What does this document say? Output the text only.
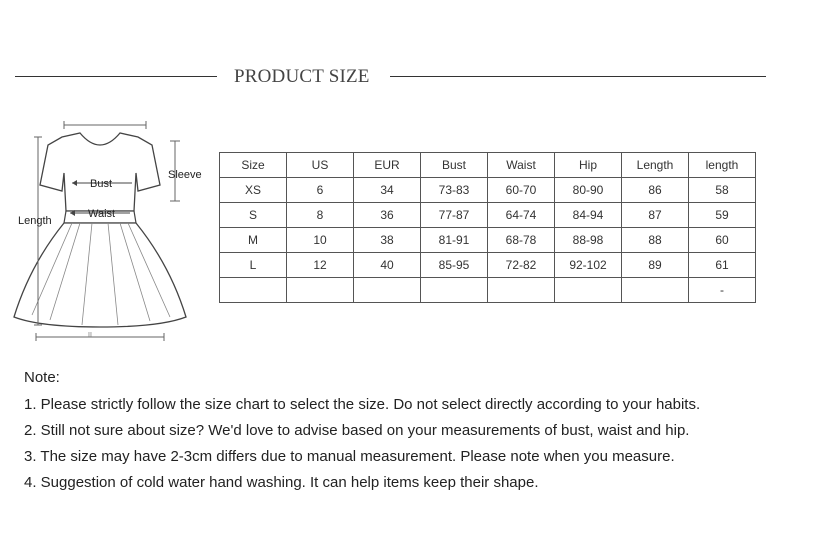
PRODUCT SIZE
Bust
Waist
Sleeve
Length
II
Size	US	EUR	Bust	Waist	Hip	Length	length
XS	6	34	73-83	60-70	80-90	86	58
S	8	36	77-87	64-74	84-94	87	59
M	10	38	81-91	68-78	88-98	88	60
L	12	40	85-95	72-82	92-102	89	61
							-
Note:
1. Please strictly follow the size chart to select the size. Do not select directly according to your habits.
2. Still not sure about size? We'd love to advise based on your measurements of bust, waist and hip.
3. The size may have 2-3cm differs due to manual measurement. Please note when you measure.
4. Suggestion of cold water hand washing. It can help items keep their shape.
